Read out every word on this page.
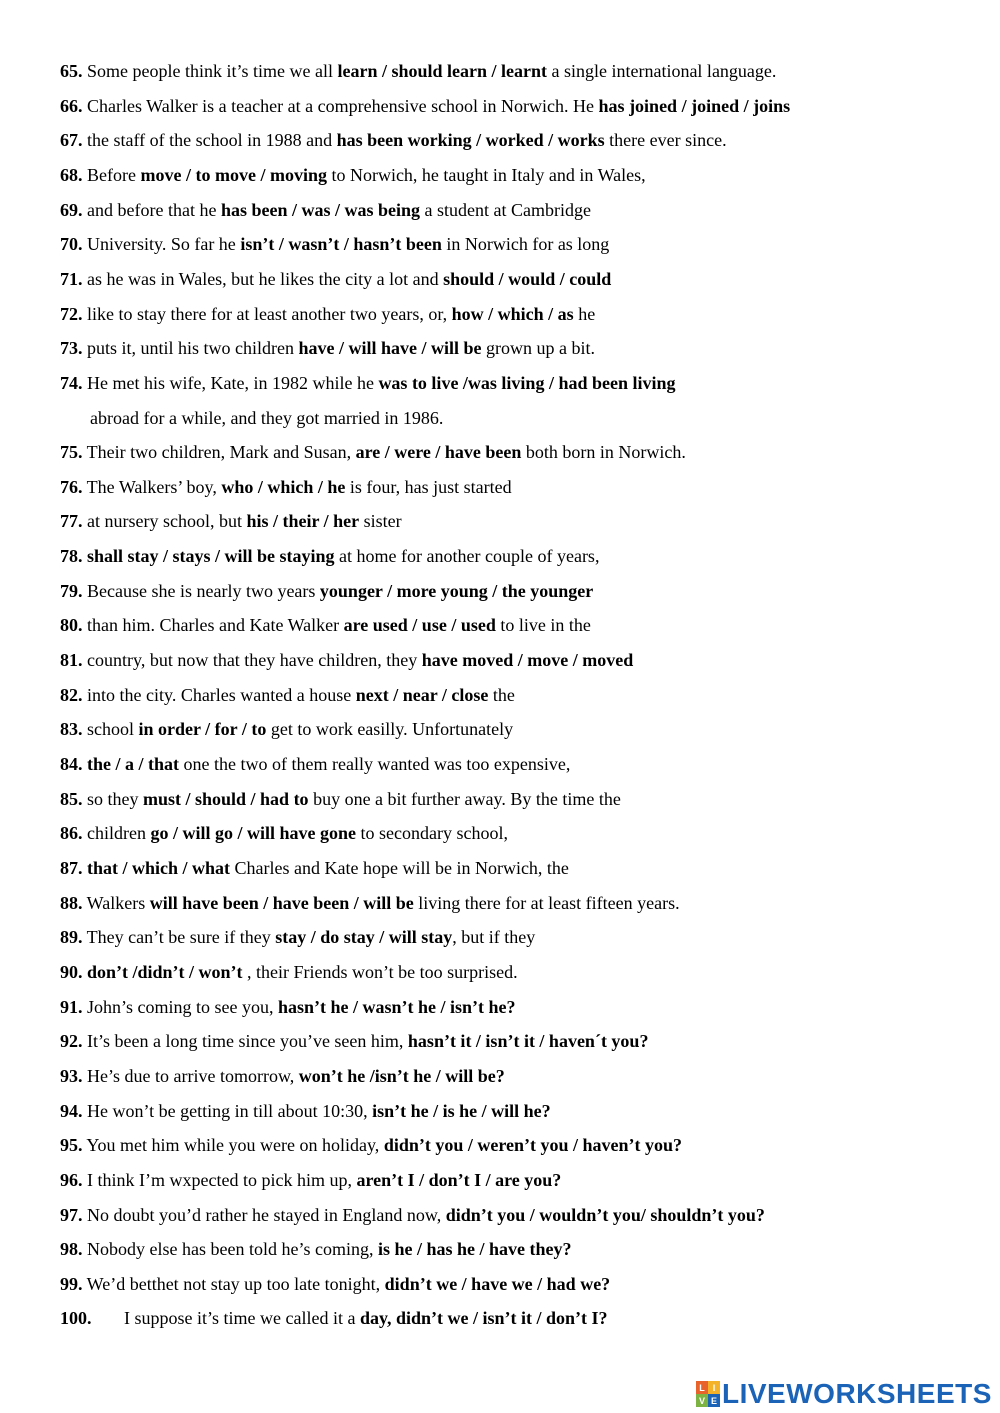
65. Some people think it’s time we all learn / should learn / learnt a single international language.
66. Charles Walker is a teacher at a comprehensive school in Norwich. He has joined / joined / joins
67. the staff of the school in 1988 and has been working / worked / works there ever since.
68. Before move / to move / moving to Norwich, he taught in Italy and in Wales,
69. and before that he has been / was / was being a student at Cambridge
70. University. So far he isn’t / wasn’t / hasn’t been in Norwich for as long
71. as he was in Wales, but he likes the city a lot and should / would / could
72. like to stay there for at least another two years, or, how / which / as he
73. puts it, until his two children have / will have / will be grown up a bit.
74. He met his wife, Kate, in 1982 while he was to live /was living / had been living
abroad for a while, and they got married in 1986.
75. Their two children, Mark and Susan, are / were / have been both born in Norwich.
76. The Walkers’ boy, who / which / he is four, has just started
77. at nursery school, but his / their / her sister
78. shall stay / stays / will be staying at home for another couple of years,
79. Because she is nearly two years younger / more young / the younger
80. than him. Charles and Kate Walker are used / use / used to live in the
81. country, but now that they have children, they have moved / move / moved
82. into the city. Charles wanted a house next / near / close the
83. school in order / for / to get to work easilly. Unfortunately
84. the / a / that one the two of them really wanted was too expensive,
85. so they must / should / had to buy one a bit further away. By the time the
86. children go / will go / will have gone to secondary school,
87. that / which / what Charles and Kate hope will be in Norwich, the
88. Walkers will have been / have been / will be living there for at least fifteen years.
89. They can’t be sure if they stay / do stay / will stay, but if they
90. don’t /didn’t / won’t , their Friends won’t be too surprised.
91. John’s coming to see you, hasn’t he / wasn’t he / isn’t he?
92. It’s been a long time since you’ve seen him, hasn’t it / isn’t it / haven´t you?
93. He’s due to arrive tomorrow, won’t he /isn’t he / will be?
94. He won’t be getting in till about 10:30, isn’t he / is he / will he?
95. You met him while you were on holiday, didn’t you / weren’t you / haven’t you?
96. I think I’m wxpected to pick him up, aren’t I / don’t I / are you?
97. No doubt you’d rather he stayed in England now, didn’t you / wouldn’t you/ shouldn’t you?
98. Nobody else has been told he’s coming, is he / has he / have they?
99. We’d betthet not stay up too late tonight, didn’t we / have we / had we?
100. I suppose it’s time we called it a day, didn’t we / isn’t it / don’t I?
L I
V E LIVEWORKSHEETS
